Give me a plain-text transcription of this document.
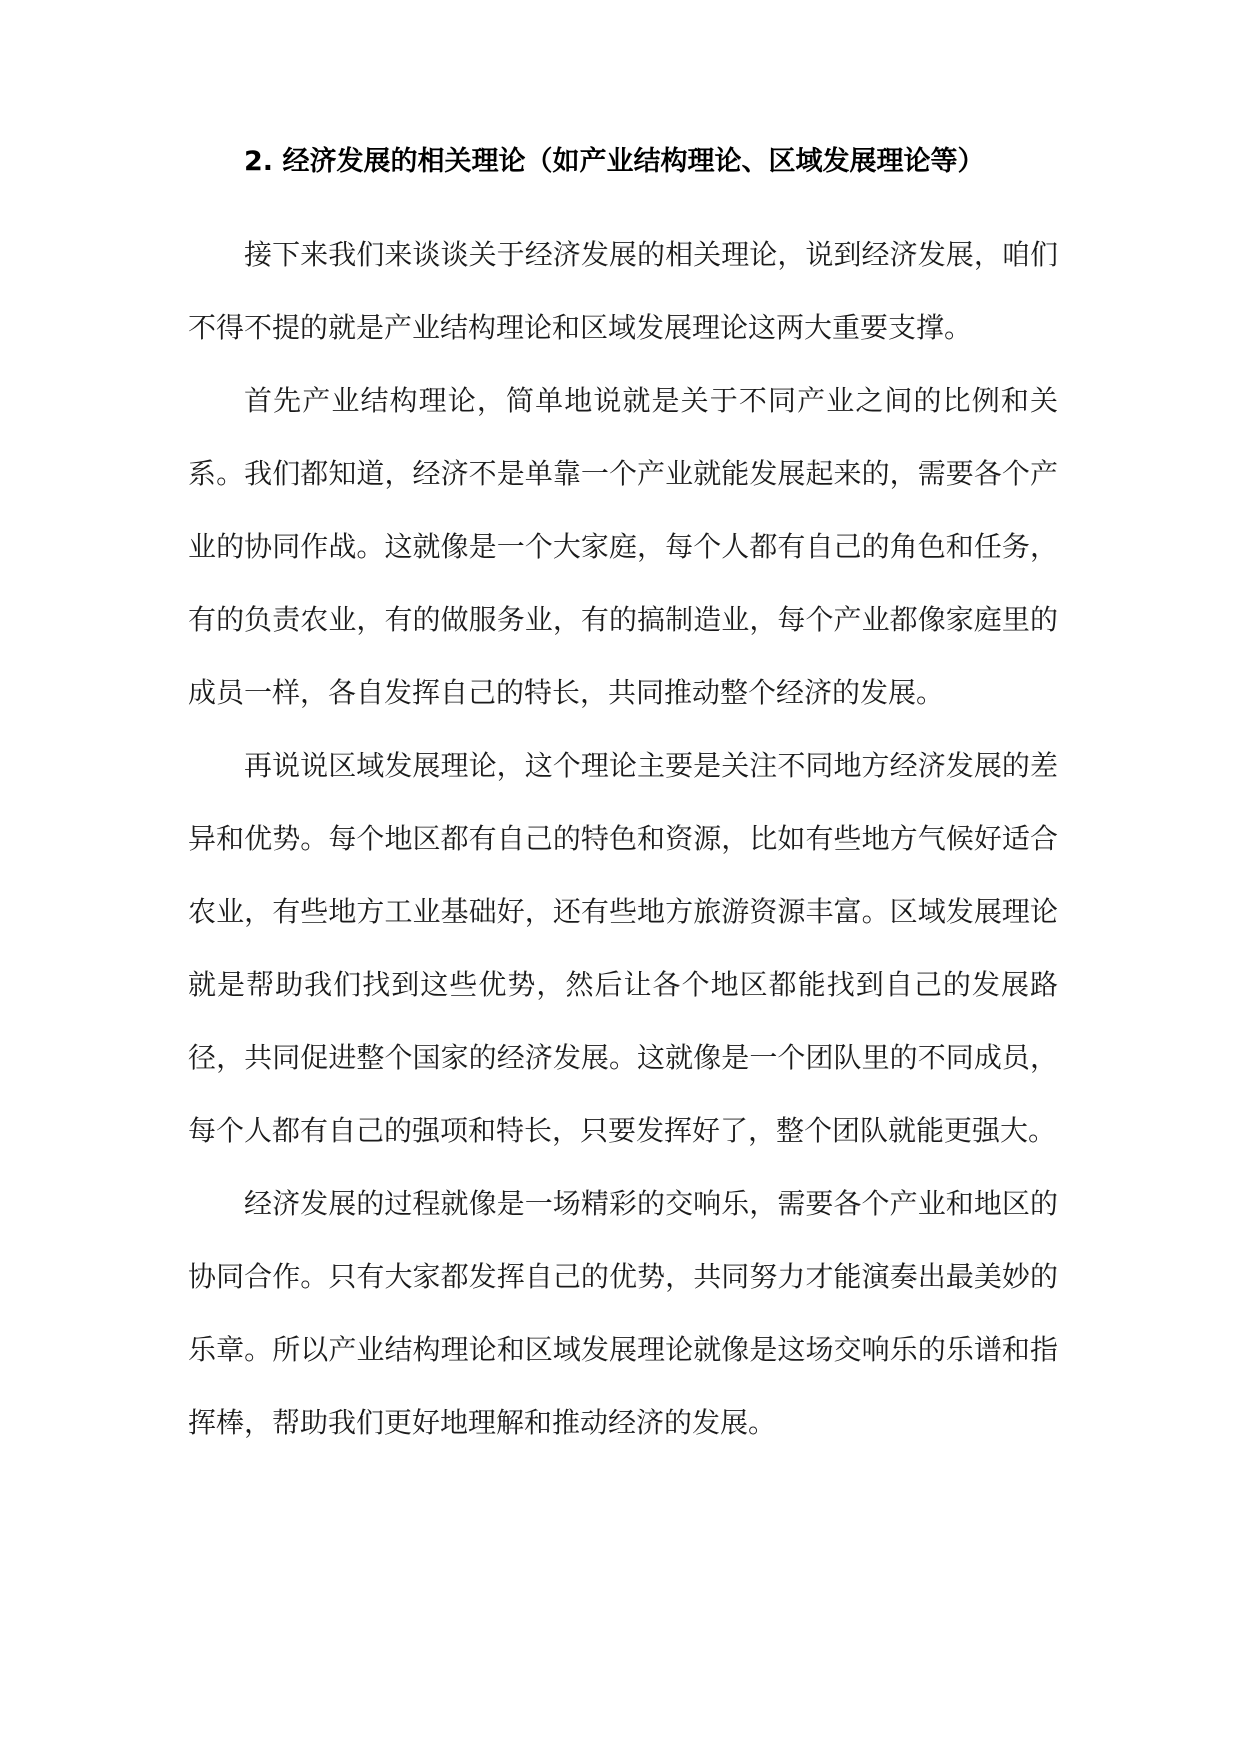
2. 经济发展的相关理论（如产业结构理论、区域发展理论等）

接下来我们来谈谈关于经济发展的相关理论，说到经济发展，咱们不得不提的就是产业结构理论和区域发展理论这两大重要支撑。

首先产业结构理论，简单地说就是关于不同产业之间的比例和关系。我们都知道，经济不是单靠一个产业就能发展起来的，需要各个产业的协同作战。这就像是一个大家庭，每个人都有自己的角色和任务，有的负责农业，有的做服务业，有的搞制造业，每个产业都像家庭里的成员一样，各自发挥自己的特长，共同推动整个经济的发展。

再说说区域发展理论，这个理论主要是关注不同地方经济发展的差异和优势。每个地区都有自己的特色和资源，比如有些地方气候好适合农业，有些地方工业基础好，还有些地方旅游资源丰富。区域发展理论就是帮助我们找到这些优势，然后让各个地区都能找到自己的发展路径，共同促进整个国家的经济发展。这就像是一个团队里的不同成员，每个人都有自己的强项和特长，只要发挥好了，整个团队就能更强大。

经济发展的过程就像是一场精彩的交响乐，需要各个产业和地区的协同合作。只有大家都发挥自己的优势，共同努力才能演奏出最美妙的乐章。所以产业结构理论和区域发展理论就像是这场交响乐的乐谱和指挥棒，帮助我们更好地理解和推动经济的发展。
